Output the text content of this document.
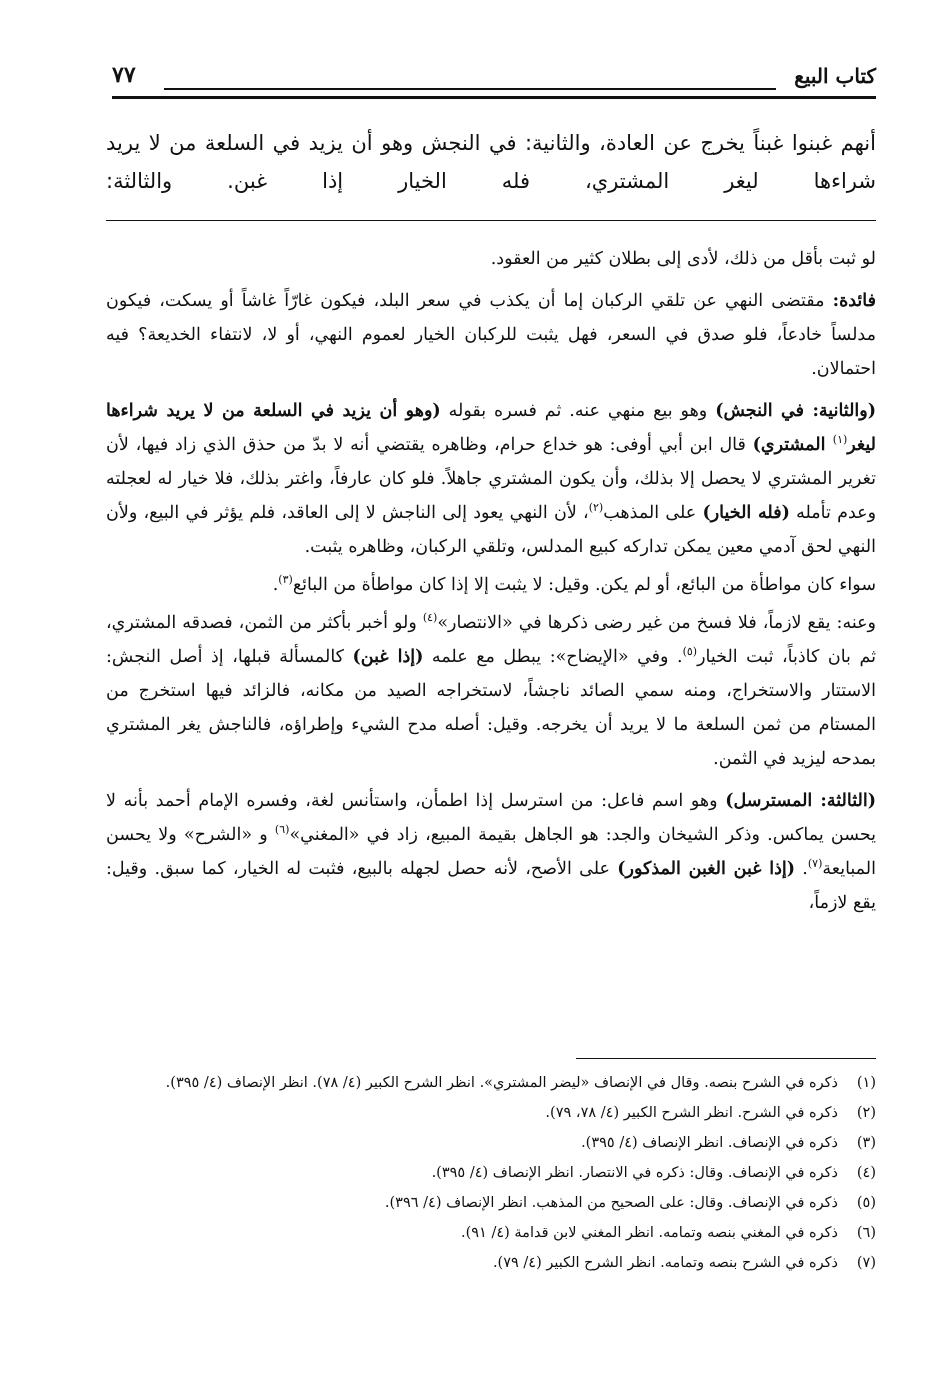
كتاب البيع
٧٧
أنهم غبنوا غبناً يخرج عن العادة، والثانية: في النجش وهو أن يزيد في السلعة من لا يريد شراءها ليغر المشتري، فله الخيار إذا غبن. والثالثة:

لو ثبت بأقل من ذلك، لأدى إلى بطلان كثير من العقود.

فائدة: مقتضى النهي عن تلقي الركبان إما أن يكذب في سعر البلد، فيكون غارّاً غاشاً أو يسكت، فيكون مدلساً خادعاً، فلو صدق في السعر، فهل يثبت للركبان الخيار لعموم النهي، أو لا، لانتفاء الخديعة؟ فيه احتمالان.

(والثانية: في النجش) وهو بيع منهي عنه. ثم فسره بقوله (وهو أن يزيد في السلعة من لا يريد شراءها ليغر$^{(١)}$ المشتري) قال ابن أبي أوفى: هو خداع حرام، وظاهره يقتضي أنه لا بدّ من حذق الذي زاد فيها، لأن تغرير المشتري لا يحصل إلا بذلك، وأن يكون المشتري جاهلاً. فلو كان عارفاً، واغتر بذلك، فلا خيار له لعجلته وعدم تأمله (فله الخيار) على المذهب$^{(٢)}$، لأن النهي يعود إلى الناجش لا إلى العاقد، فلم يؤثر في البيع، ولأن النهي لحق آدمي معين يمكن تداركه كبيع المدلس، وتلقي الركبان، وظاهره يثبت.

سواء كان مواطأة من البائع، أو لم يكن. وقيل: لا يثبت إلا إذا كان مواطأة من البائع$^{(٣)}$.

وعنه: يقع لازماً، فلا فسخ من غير رضى ذكرها في «الانتصار»$^{(٤)}$ ولو أخبر بأكثر من الثمن، فصدقه المشتري، ثم بان كاذباً، ثبت الخيار$^{(٥)}$. وفي «الإيضاح»: يبطل مع علمه (إذا غبن) كالمسألة قبلها، إذ أصل النجش: الاستتار والاستخراج، ومنه سمي الصائد ناجشاً، لاستخراجه الصيد من مكانه، فالزائد فيها استخرج من المستام من ثمن السلعة ما لا يريد أن يخرجه. وقيل: أصله مدح الشيء وإطراؤه، فالناجش يغر المشتري بمدحه ليزيد في الثمن.

(الثالثة: المسترسل) وهو اسم فاعل: من استرسل إذا اطمأن، واستأنس لغة، وفسره الإمام أحمد بأنه لا يحسن يماكس. وذكر الشيخان والجد: هو الجاهل بقيمة المبيع، زاد في «المغني»$^{(٦)}$ و «الشرح» ولا يحسن المبايعة$^{(٧)}$. (إذا غبن الغبن المذكور) على الأصح، لأنه حصل لجهله بالبيع، فثبت له الخيار، كما سبق. وقيل: يقع لازماً،

(١)
ذكره في الشرح بنصه. وقال في الإنصاف «ليضر المشتري». انظر الشرح الكبير (٤/ ٧٨). انظر الإنصاف (٤/ ٣٩٥).
(٢)
ذكره في الشرح. انظر الشرح الكبير (٤/ ٧٨، ٧٩).
(٣)
ذكره في الإنصاف. انظر الإنصاف (٤/ ٣٩٥).
(٤)
ذكره في الإنصاف. وقال: ذكره في الانتصار. انظر الإنصاف (٤/ ٣٩٥).
(٥)
ذكره في الإنصاف. وقال: على الصحيح من المذهب. انظر الإنصاف (٤/ ٣٩٦).
(٦)
ذكره في المغني بنصه وتمامه. انظر المغني لابن قدامة (٤/ ٩١).
(٧)
ذكره في الشرح بنصه وتمامه. انظر الشرح الكبير (٤/ ٧٩).
